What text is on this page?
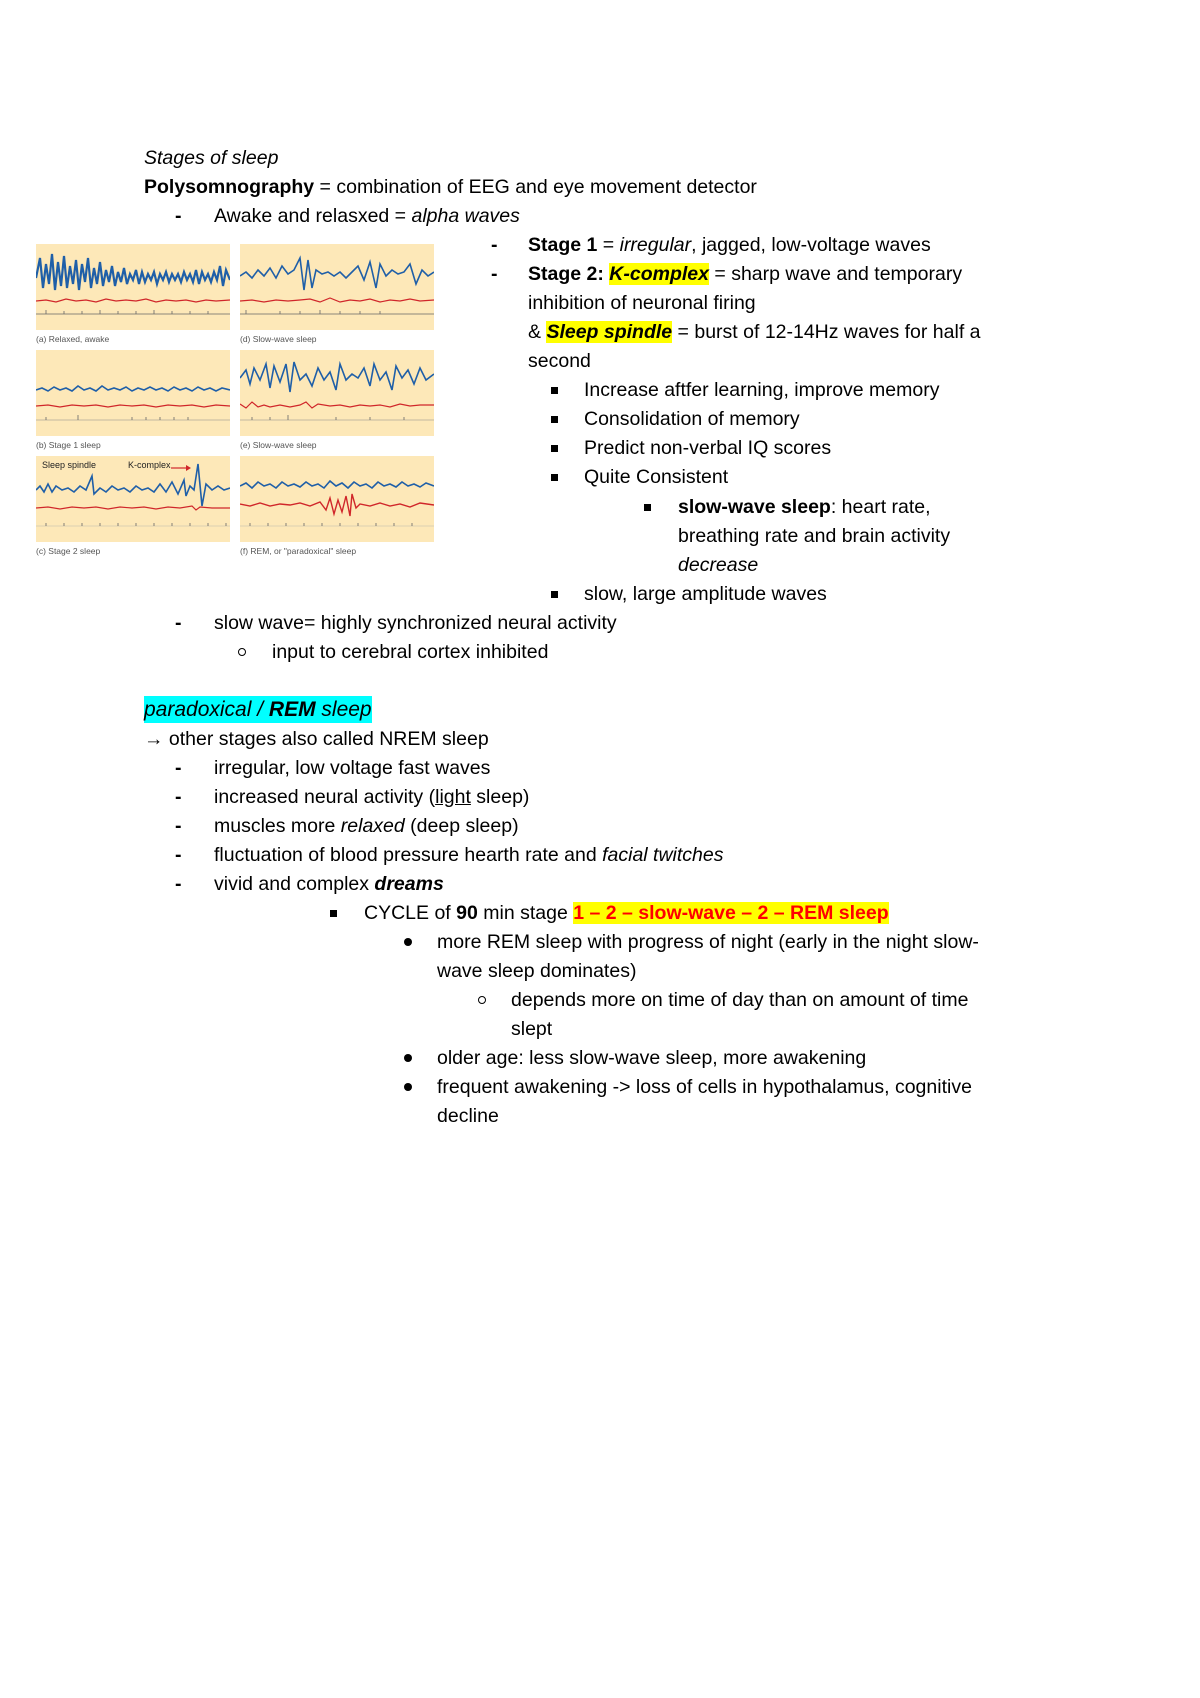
Stages of sleep
Polysomnography = combination of EEG and eye movement detector
- Awake and relasxed = alpha waves
- Stage 1 = irregular, jagged, low-voltage waves
- Stage 2: K-complex = sharp wave and temporary
inhibition of neuronal firing
& Sleep spindle = burst of 12-14Hz waves for half a
second
Increase aftfer learning, improve memory
Consolidation of memory
Predict non-verbal IQ scores
Quite Consistent
slow-wave sleep: heart rate,
breathing rate and brain activity
decrease
slow, large amplitude waves
- slow wave= highly synchronized neural activity
input to cerebral cortex inhibited
paradoxical / REM sleep
→ other stages also called NREM sleep
- irregular, low voltage fast waves
- increased neural activity (light sleep)
- muscles more relaxed (deep sleep)
- fluctuation of blood pressure hearth rate and facial twitches
- vivid and complex dreams
CYCLE of 90 min stage 1 – 2 – slow-wave – 2 – REM sleep
more REM sleep with progress of night (early in the night slow-
wave sleep dominates)
depends more on time of day than on amount of time
slept
older age: less slow-wave sleep, more awakening
frequent awakening -> loss of cells in hypothalamus, cognitive
decline
(a) Relaxed, awake	(d) Slow-wave sleep
(b) Stage 1 sleep	(e) Slow-wave sleep
Sleep spindle	K-complex
(c) Stage 2 sleep	(f) REM, or "paradoxical" sleep
